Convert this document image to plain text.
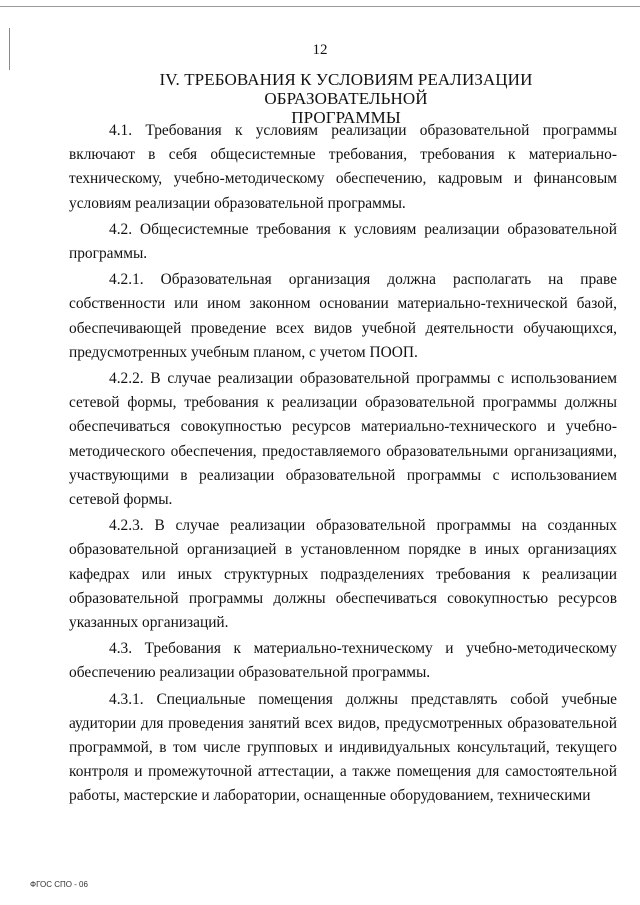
12
IV. ТРЕБОВАНИЯ К УСЛОВИЯМ РЕАЛИЗАЦИИ ОБРАЗОВАТЕЛЬНОЙ
ПРОГРАММЫ

4.1. Требования к условиям реализации образовательной программы включают в себя общесистемные требования, требования к материально-техническому, учебно-методическому обеспечению, кадровым и финансовым условиям реализации образовательной программы.

4.2. Общесистемные требования к условиям реализации образовательной программы.

4.2.1. Образовательная организация должна располагать на праве собственности или ином законном основании материально-технической базой, обеспечивающей проведение всех видов учебной деятельности обучающихся, предусмотренных учебным планом, с учетом ПООП.

4.2.2. В случае реализации образовательной программы с использованием сетевой формы, требования к реализации образовательной программы должны обеспечиваться совокупностью ресурсов материально-технического и учебно-методического обеспечения, предоставляемого образовательными организациями, участвующими в реализации образовательной программы с использованием сетевой формы.

4.2.3. В случае реализации образовательной программы на созданных образовательной организацией в установленном порядке в иных организациях кафедрах или иных структурных подразделениях требования к реализации образовательной программы должны обеспечиваться совокупностью ресурсов указанных организаций.

4.3. Требования к материально-техническому и учебно-методическому обеспечению реализации образовательной программы.

4.3.1. Специальные помещения должны представлять собой учебные аудитории для проведения занятий всех видов, предусмотренных образовательной программой, в том числе групповых и индивидуальных консультаций, текущего контроля и промежуточной аттестации, а также помещения для самостоятельной работы, мастерские и лаборатории, оснащенные оборудованием, техническими

ФГОС СПО - 06
